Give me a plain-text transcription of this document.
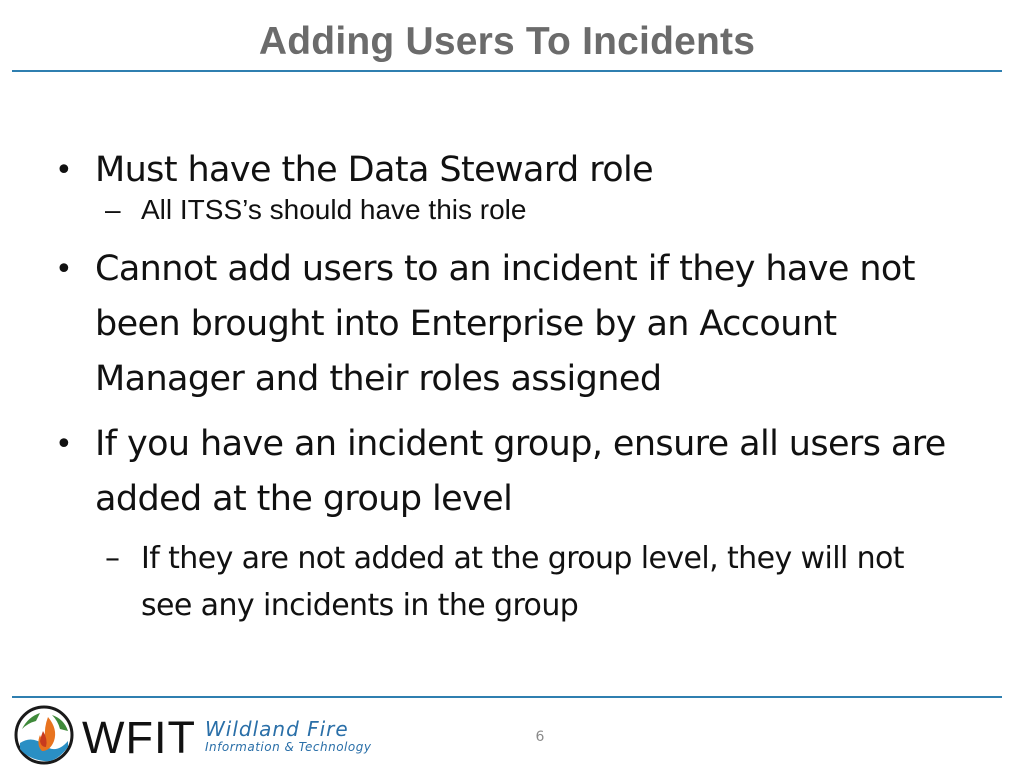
Adding Users To Incidents
• Must have the Data Steward role
– All ITSS’s should have this role
• Cannot add users to an incident if they have not been brought into Enterprise by an Account Manager and their roles assigned
• If you have an incident group, ensure all users are added at the group level
– If they are not added at the group level, they will not see any incidents in the group
WFIT Wildland Fire
Information & Technology
6
